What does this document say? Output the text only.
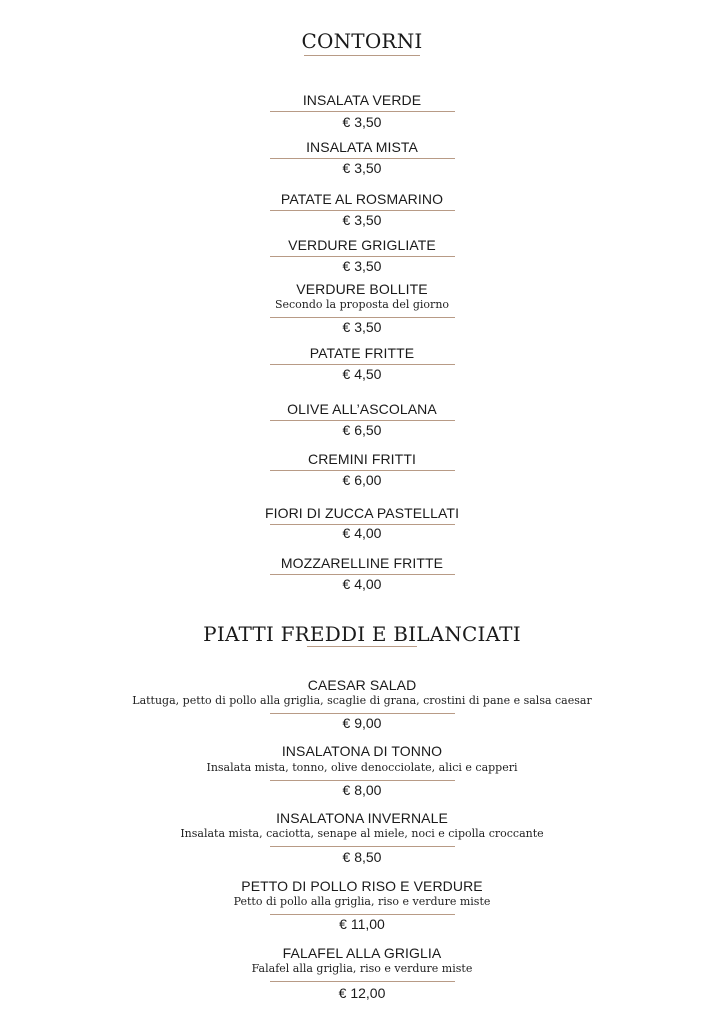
CONTORNI
INSALATA VERDE
€ 3,50
INSALATA MISTA
€ 3,50
PATATE AL ROSMARINO
€ 3,50
VERDURE GRIGLIATE
€ 3,50
VERDURE BOLLITE
Secondo la proposta del giorno
€ 3,50
PATATE FRITTE
€ 4,50
OLIVE ALL’ASCOLANA
€ 6,50
CREMINI FRITTI
€ 6,00
FIORI DI ZUCCA PASTELLATI
€ 4,00
MOZZARELLINE FRITTE
€ 4,00
PIATTI FREDDI E BILANCIATI
CAESAR SALAD
Lattuga, petto di pollo alla griglia, scaglie di grana, crostini di pane e salsa caesar
€ 9,00
INSALATONA DI TONNO
Insalata mista, tonno, olive denocciolate, alici e capperi
€ 8,00
INSALATONA INVERNALE
Insalata mista, caciotta, senape al miele, noci e cipolla croccante
€ 8,50
PETTO DI POLLO RISO E VERDURE
Petto di pollo alla griglia, riso e verdure miste
€ 11,00
FALAFEL ALLA GRIGLIA
Falafel alla griglia, riso e verdure miste
€ 12,00
